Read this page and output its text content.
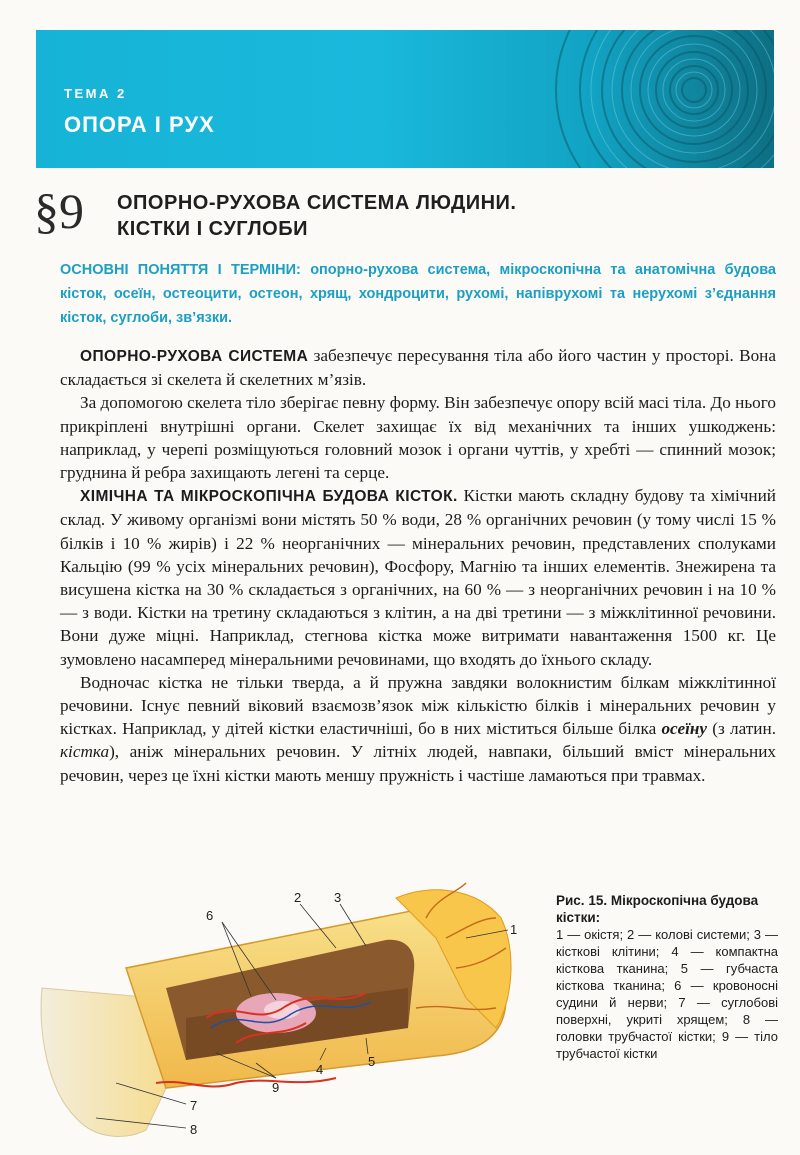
ТЕМА 2
ОПОРА І РУХ
§9 ОПОРНО-РУХОВА СИСТЕМА ЛЮДИНИ.
КІСТКИ І СУГЛОБИ
ОСНОВНІ ПОНЯТТЯ І ТЕРМІНИ: опорно-рухова система, мікроскопічна та анатомічна будова кісток, осеїн, остеоцити, остеон, хрящ, хондроцити, рухомі, напіврухомі та нерухомі з’єднання кісток, суглоби, зв’язки.

ОПОРНО-РУХОВА СИСТЕМА забезпечує пересування тіла або його частин у просторі. Вона складається зі скелета й скелетних м’язів.

За допомогою скелета тіло зберігає певну форму. Він забезпечує опору всій масі тіла. До нього прикріплені внутрішні органи. Скелет захищає їх від механічних та інших ушкоджень: наприклад, у черепі розміщуються головний мозок і органи чуттів, у хребті — спинний мозок; груднина й ребра захищають легені та серце.

ХІМІЧНА ТА МІКРОСКОПІЧНА БУДОВА КІСТОК. Кістки мають складну будову та хімічний склад. У живому організмі вони містять 50 % води, 28 % органічних речовин (у тому числі 15 % білків і 10 % жирів) і 22 % неорганічних — мінеральних речовин, представлених сполуками Кальцію (99 % усіх мінеральних речовин), Фосфору, Магнію та інших елементів. Знежирена та висушена кістка на 30 % складається з органічних, на 60 % — з неорганічних речовин і на 10 % — з води. Кістки на третину складаються з клітин, а на дві третини — з міжклітинної речовини. Вони дуже міцні. Наприклад, стегнова кістка може витримати навантаження 1500 кг. Це зумовлено насамперед мінеральними речовинами, що входять до їхнього складу.

Водночас кістка не тільки тверда, а й пружна завдяки волокнистим білкам міжклітинної речовини. Існує певний віковий взаємозв’язок між кількістю білків і мінеральних речовин у кістках. Наприклад, у дітей кістки еластичніші, бо в них міститься більше білка осеїну (з латин. кістка), аніж мінеральних речовин. У літніх людей, навпаки, більший вміст мінеральних речовин, через це їхні кістки мають меншу пружність і частіше ламаються при травмах.

1
2	3
4
5
6
7
8
9
Рис. 15. Мікроскопічна будова кістки:
1 — окістя; 2 — колові системи; 3 — кісткові клітини; 4 — компактна кісткова тканина; 5 — губчаста кісткова тканина; 6 — кровоносні судини й нерви; 7 — суглобові поверхні, укриті хрящем; 8 — головки трубчастої кістки; 9 — тіло трубчастої кістки
